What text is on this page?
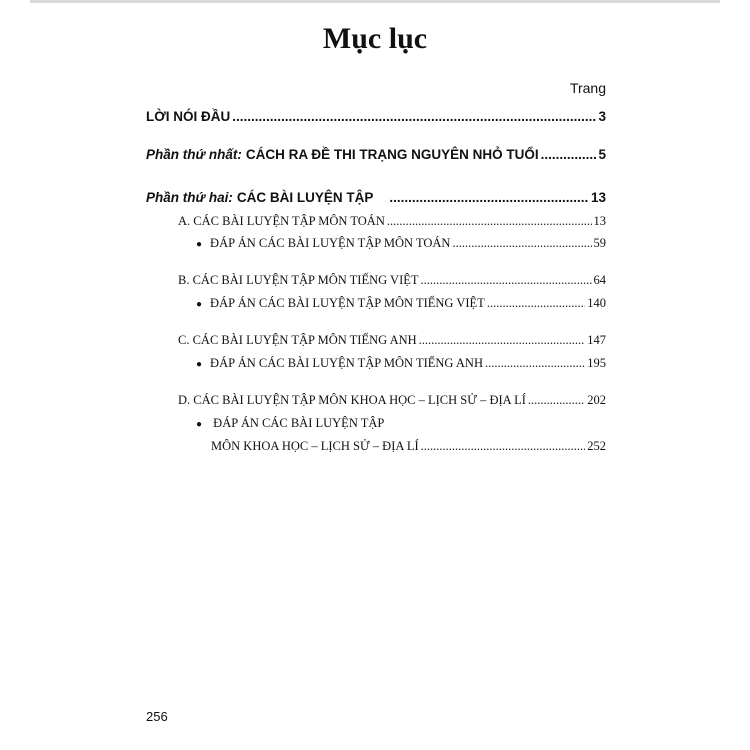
Mục lục
Trang
LỜI NÓI ĐẦU .....	3
Phần thứ nhất: CÁCH RA ĐỀ THI TRẠNG NGUYÊN NHỎ TUỔI .....	5
Phần thứ hai: CÁC BÀI LUYỆN TẬP .....	13
A. CÁC BÀI LUYỆN TẬP MÔN TOÁN .....	13
● ĐÁP ÁN CÁC BÀI LUYỆN TẬP MÔN TOÁN .....	59
B. CÁC BÀI LUYỆN TẬP MÔN TIẾNG VIỆT .....	64
● ĐÁP ÁN CÁC BÀI LUYỆN TẬP MÔN TIẾNG VIỆT .....	140
C. CÁC BÀI LUYỆN TẬP MÔN TIẾNG ANH .....	147
● ĐÁP ÁN CÁC BÀI LUYỆN TẬP MÔN TIẾNG ANH .....	195
D. CÁC BÀI LUYỆN TẬP MÔN KHOA HỌC – LỊCH SỬ – ĐỊA LÍ .....	202
● ĐÁP ÁN CÁC BÀI LUYỆN TẬP
MÔN KHOA HỌC – LỊCH SỬ – ĐỊA LÍ .....	252
256
